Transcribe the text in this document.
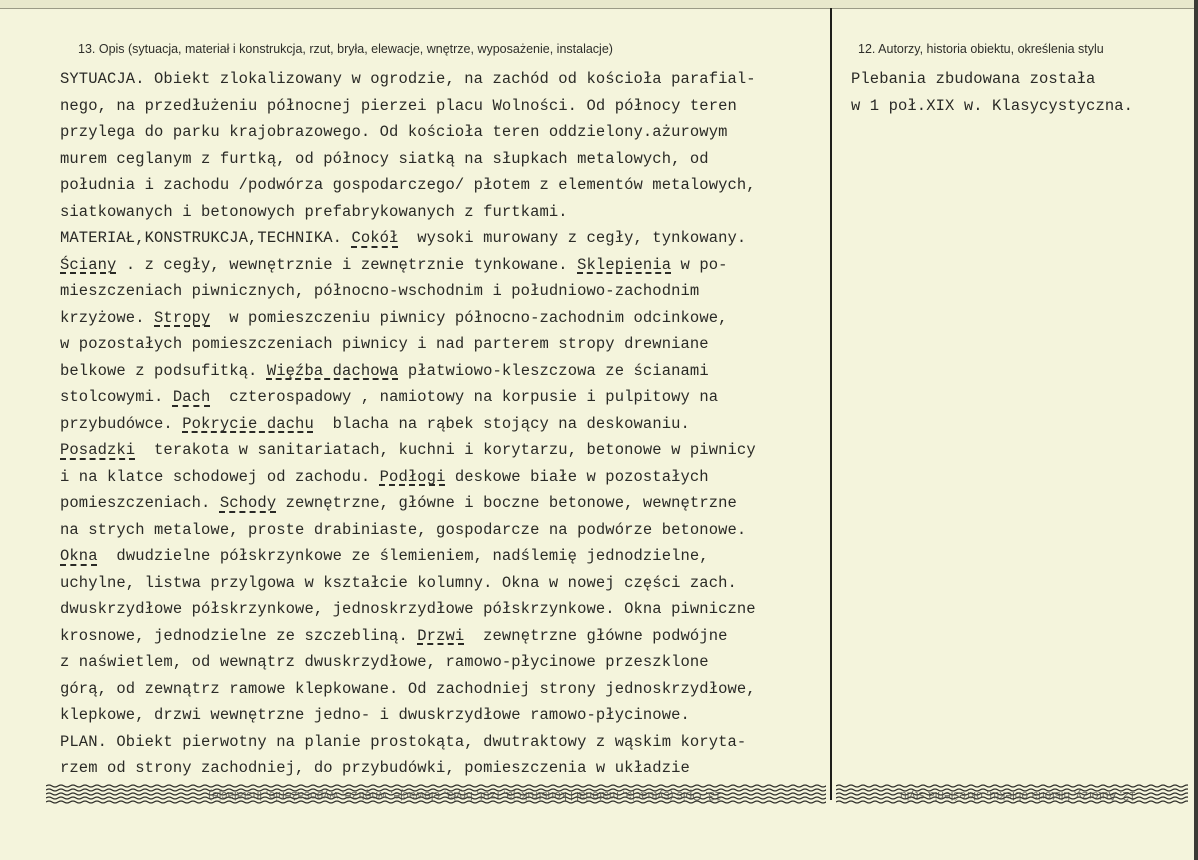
13. Opis (sytuacja, materiał i konstrukcja, rzut, bryła, elewacje, wnętrze, wyposażenie, instalacje)	12. Autorzy, historia obiektu, określenia stylu
SYTUACJA. Obiekt zlokalizowany w ogrodzie, na zachód od kościoła parafial-
nego, na przedłużeniu północnej pierzei placu Wolności. Od północy teren
przylega do parku krajobrazowego. Od kościoła teren oddzielony.ażurowym
murem ceglanym z furtką, od północy siatką na słupkach metalowych, od
południa i zachodu /podwórza gospodarczego/ płotem z elementów metalowych,
siatkowanych i betonowych prefabrykowanych z furtkami.
MATERIAŁ,KONSTRUKCJA,TECHNIKA. Cokół  wysoki murowany z cegły, tynkowany.
Ściany . z cegły, wewnętrznie i zewnętrznie tynkowane. Sklepienia w po-
mieszczeniach piwnicznych, północno-wschodnim i południowo-zachodnim
krzyżowe. Stropy  w pomieszczeniu piwnicy północno-zachodnim odcinkowe,
w pozostałych pomieszczeniach piwnicy i nad parterem stropy drewniane
belkowe z podsufitką. Więźba dachowa płatwiowo-kleszczowa ze ścianami
stolcowymi. Dach  czterospadowy , namiotowy na korpusie i pulpitowy na
przybudówce. Pokrycie dachu  blacha na rąbek stojący na deskowaniu.
Posadzki  terakota w sanitariatach, kuchni i korytarzu, betonowe w piwnicy
i na klatce schodowej od zachodu. Podłogi deskowe białe w pozostałych
pomieszczeniach. Schody zewnętrzne, główne i boczne betonowe, wewnętrzne
na strych metalowe, proste drabiniaste, gospodarcze na podwórze betonowe.
Okna  dwudzielne półskrzynkowe ze ślemieniem, nadślemię jednodzielne,
uchylne, listwa przylgowa w kształcie kolumny. Okna w nowej części zach.
dwuskrzydłowe półskrzynkowe, jednoskrzydłowe półskrzynkowe. Okna piwniczne
krosnowe, jednodzielne ze szczebliną. Drzwi  zewnętrzne główne podwójne
z naświetlem, od wewnątrz dwuskrzydłowe, ramowo-płycinowe przeszklone
górą, od zewnątrz ramowe klepkowane. Od zachodniej strony jednoskrzydłowe,
klepkowe, drzwi wewnętrzne jedno- i dwuskrzydłowe ramowo-płycinowe.
PLAN. Obiekt pierwotny na planie prostokąta, dwutraktowy z wąskim koryta-
rzem od strony zachodniej, do przybudówki, pomieszczenia w układzie
Plebania zbudowana została
w 1 poł.XIX w. Klasycystyczna.
13. Opis (sytuacja, materiał i konstrukcja, rzut, bryła, elewacje, wnętrze, wyposażenie, instalacje)	12. Autorzy, historia obiektu, określenia stylu
